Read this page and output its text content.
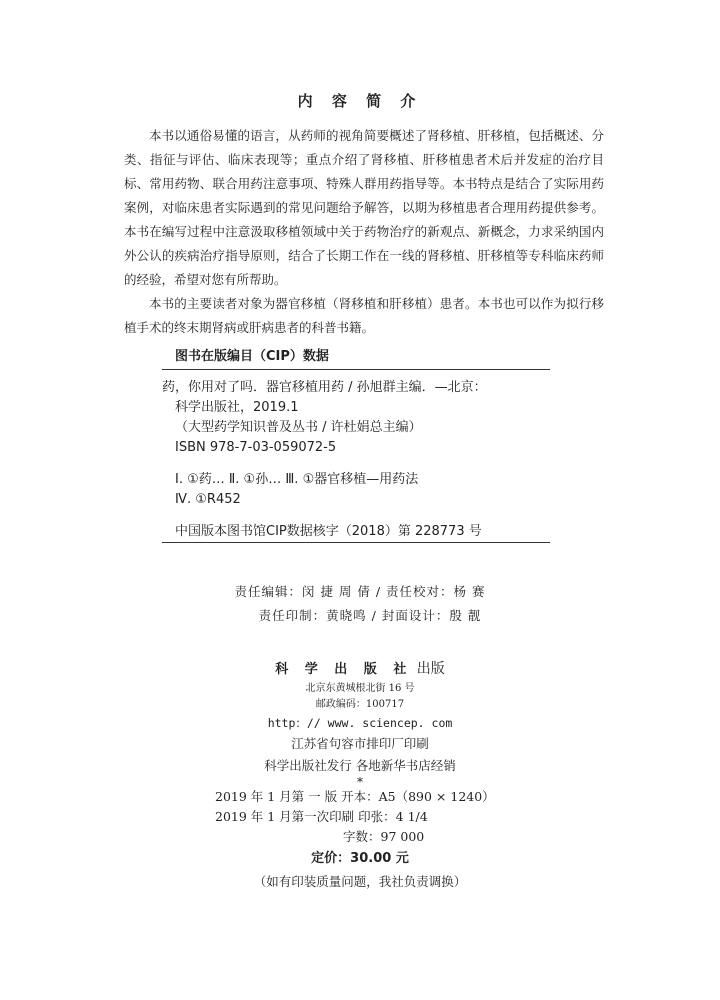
内 容 简 介

本书以通俗易懂的语言，从药师的视角简要概述了肾移植、肝移植，包括概述、分类、指征与评估、临床表现等；重点介绍了肾移植、肝移植患者术后并发症的治疗目标、常用药物、联合用药注意事项、特殊人群用药指导等。本书特点是结合了实际用药案例，对临床患者实际遇到的常见问题给予解答，以期为移植患者合理用药提供参考。本书在编写过程中注意汲取移植领域中关于药物治疗的新观点、新概念，力求采纳国内外公认的疾病治疗指导原则，结合了长期工作在一线的肾移植、肝移植等专科临床药师的经验，希望对您有所帮助。

本书的主要读者对象为器官移植（肾移植和肝移植）患者。本书也可以作为拟行移植手术的终末期肾病或肝病患者的科普书籍。

图书在版编目（CIP）数据
药，你用对了吗．器官移植用药 / 孙旭群主编．—北京：
科学出版社，2019.1
（大型药学知识普及丛书 / 许杜娟总主编）
ISBN 978-7-03-059072-5
Ⅰ. ①药… Ⅱ. ①孙… Ⅲ. ①器官移植—用药法
Ⅳ. ①R452
中国版本图书馆CIP数据核字（2018）第 228773 号
责任编辑：闵 捷 周 倩 / 责任校对：杨 赛
责任印制：黄晓鸣 / 封面设计：殷 靓
科 学 出 版 社 出版
北京东黄城根北街 16 号
邮政编码：100717
http：// www. sciencep. com
江苏省句容市排印厂印刷
科学出版社发行 各地新华书店经销
*
2019 年 1 月第 一 版 开本：A5（890 × 1240）
2019 年 1 月第一次印刷 印张：4 1/4
字数：97 000
定价：30.00 元
（如有印装质量问题，我社负责调换）
